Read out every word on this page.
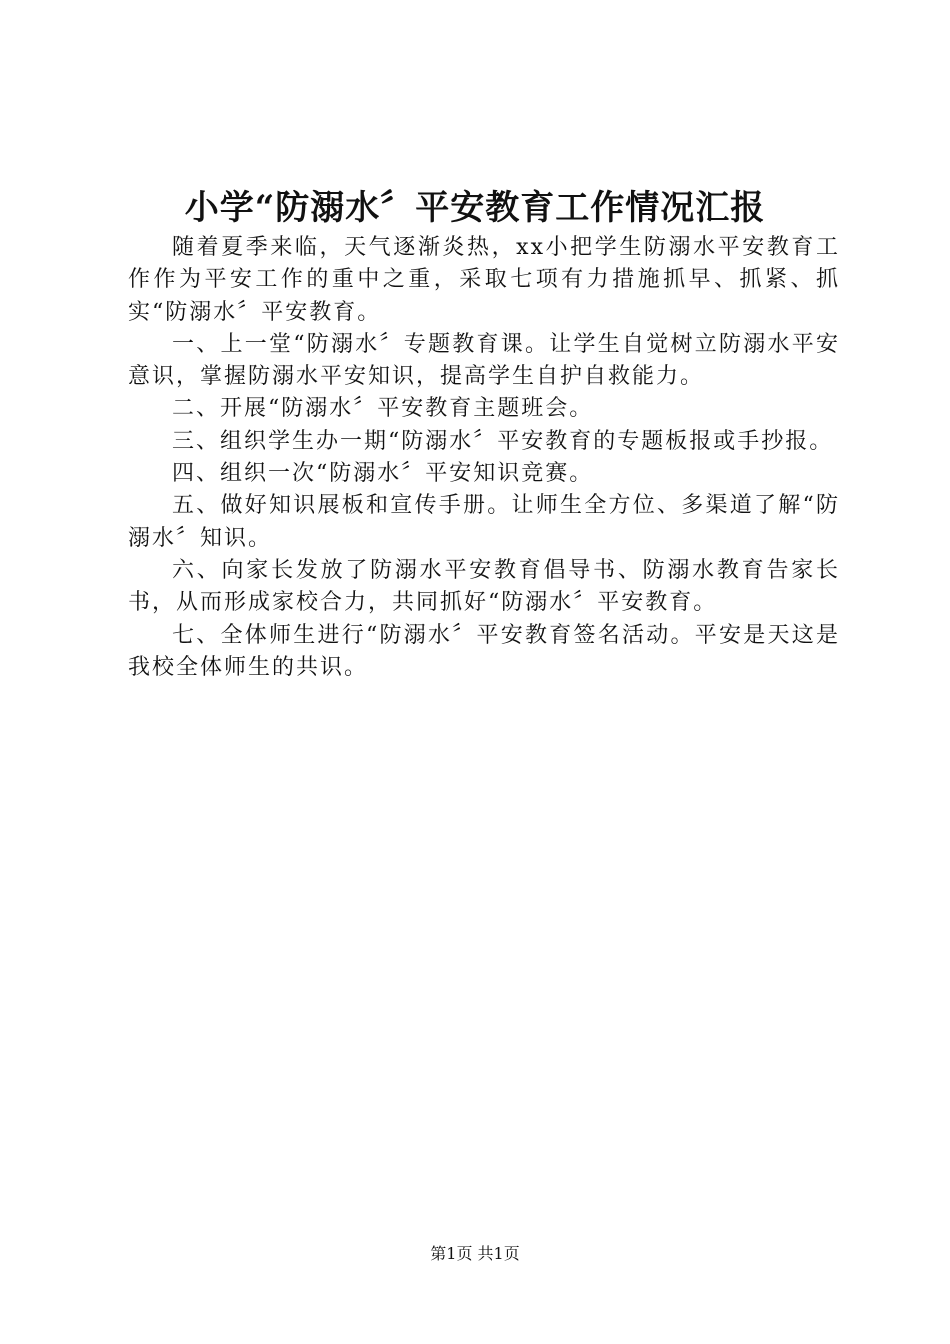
小学“防溺水〞平安教育工作情况汇报

随着夏季来临，天气逐渐炎热，xx小把学生防溺水平安教育工作作为平安工作的重中之重，采取七项有力措施抓早、抓紧、抓实“防溺水〞平安教育。

一、上一堂“防溺水〞专题教育课。让学生自觉树立防溺水平安意识，掌握防溺水平安知识，提高学生自护自救能力。

二、开展“防溺水〞平安教育主题班会。

三、组织学生办一期“防溺水〞平安教育的专题板报或手抄报。

四、组织一次“防溺水〞平安知识竞赛。

五、做好知识展板和宣传手册。让师生全方位、多渠道了解“防溺水〞知识。

六、向家长发放了防溺水平安教育倡导书、防溺水教育告家长书，从而形成家校合力，共同抓好“防溺水〞平安教育。

七、全体师生进行“防溺水〞平安教育签名活动。平安是天这是我校全体师生的共识。

第1页 共1页
